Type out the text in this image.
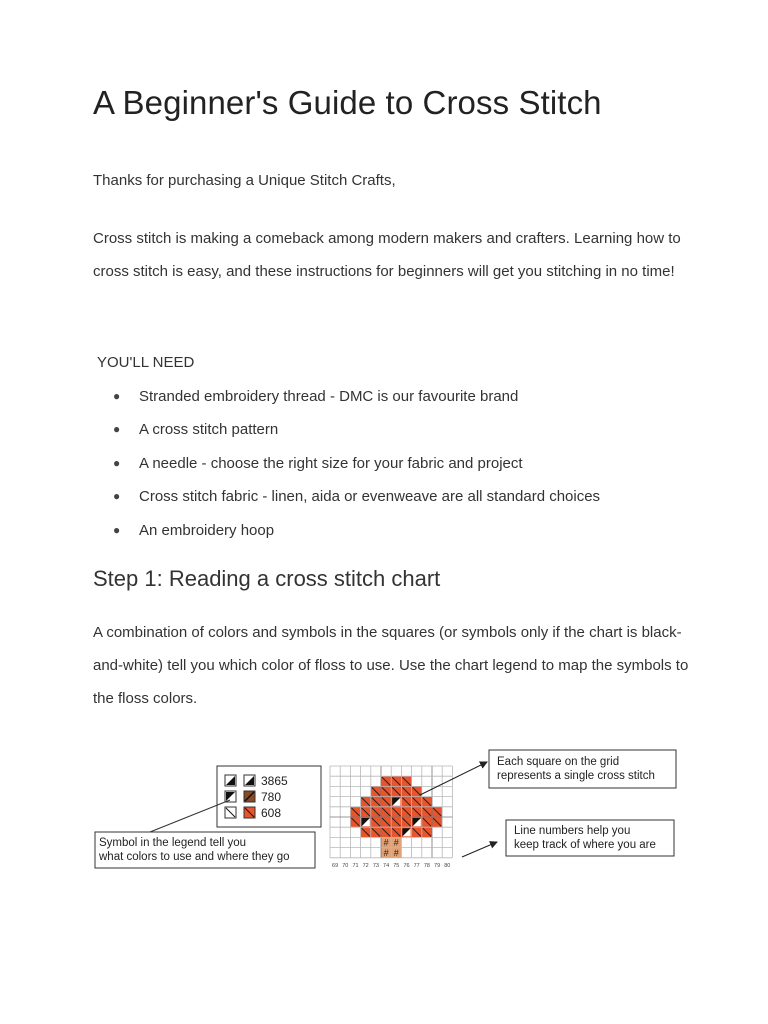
A Beginner's Guide to Cross Stitch

Thanks for purchasing a Unique Stitch Crafts,

Cross stitch is making a comeback among modern makers and crafters. Learning how to cross stitch is easy, and these instructions for beginners will get you stitching in no time!

YOU'LL NEED

● Stranded embroidery thread - DMC is our favourite brand
● A cross stitch pattern
● A needle - choose the right size for your fabric and project
● Cross stitch fabric - linen, aida or evenweave are all standard choices
● An embroidery hoop
Step 1: Reading a cross stitch chart

A combination of colors and symbols in the squares (or symbols only if the chart is black-and-white) tell you which color of floss to use. Use the chart legend to map the symbols to the floss colors.

3865
780
608
Symbol in the legend tell you
what colors to use and where they go
# #
# #
69 70 71 72 73 74 75 76 77 78 79 80
Each square on the grid
represents a single cross stitch
Line numbers help you
keep track of where you are
